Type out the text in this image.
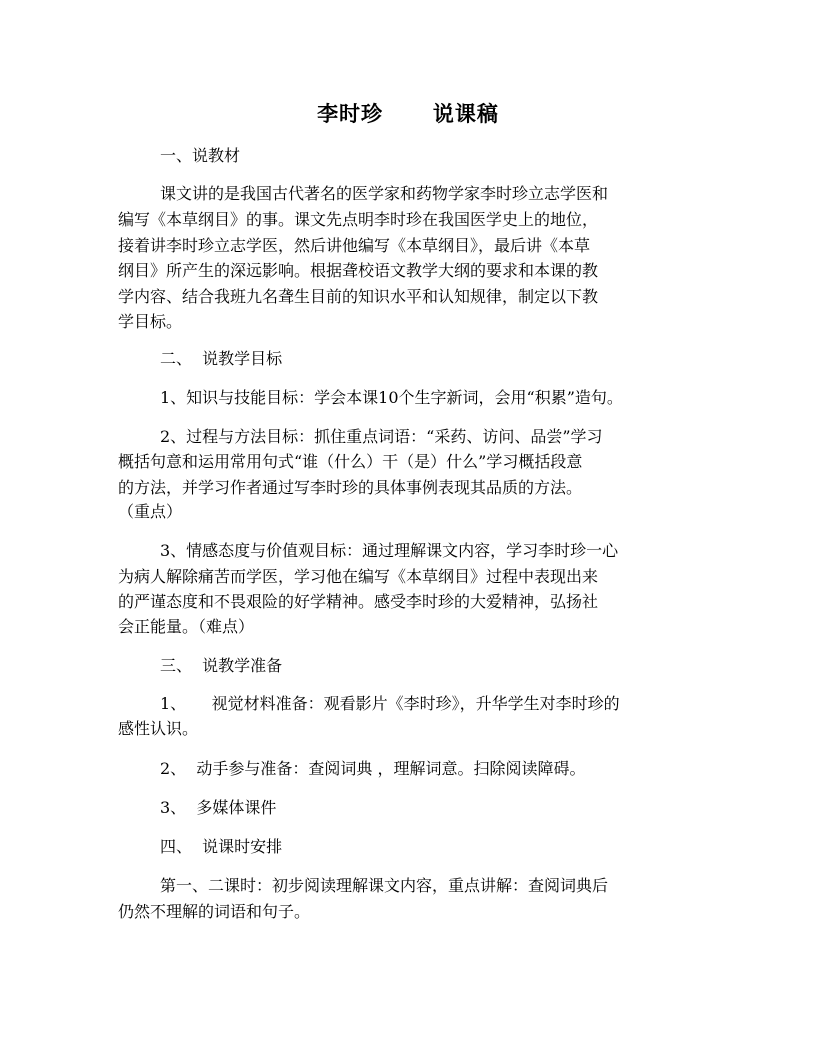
李时珍      说课稿
一、说教材
课文讲的是我国古代著名的医学家和药物学家李时珍立志学医和
编写《本草纲目》的事。课文先点明李时珍在我国医学史上的地位，
接着讲李时珍立志学医，然后讲他编写《本草纲目》，最后讲《本草
纲目》所产生的深远影响。根据聋校语文教学大纲的要求和本课的教
学内容、结合我班九名聋生目前的知识水平和认知规律，制定以下教
学目标。
二、  说教学目标
1、知识与技能目标：学会本课10个生字新词，会用“积累”造句。
2、过程与方法目标：抓住重点词语：“采药、访问、品尝”学习
概括句意和运用常用句式“谁（什么）干（是）什么”学习概括段意
的方法，并学习作者通过写李时珍的具体事例表现其品质的方法。
（重点）
3、情感态度与价值观目标：通过理解课文内容，学习李时珍一心
为病人解除痛苦而学医，学习他在编写《本草纲目》过程中表现出来
的严谨态度和不畏艰险的好学精神。感受李时珍的大爱精神，弘扬社
会正能量。（难点）
三、  说教学准备
1、     视觉材料准备：观看影片《李时珍》，升华学生对李时珍的
感性认识。
2、  动手参与准备：查阅词典 ，理解词意。扫除阅读障碍。
3、  多媒体课件
四、  说课时安排
第一、二课时：初步阅读理解课文内容，重点讲解：查阅词典后
仍然不理解的词语和句子。
